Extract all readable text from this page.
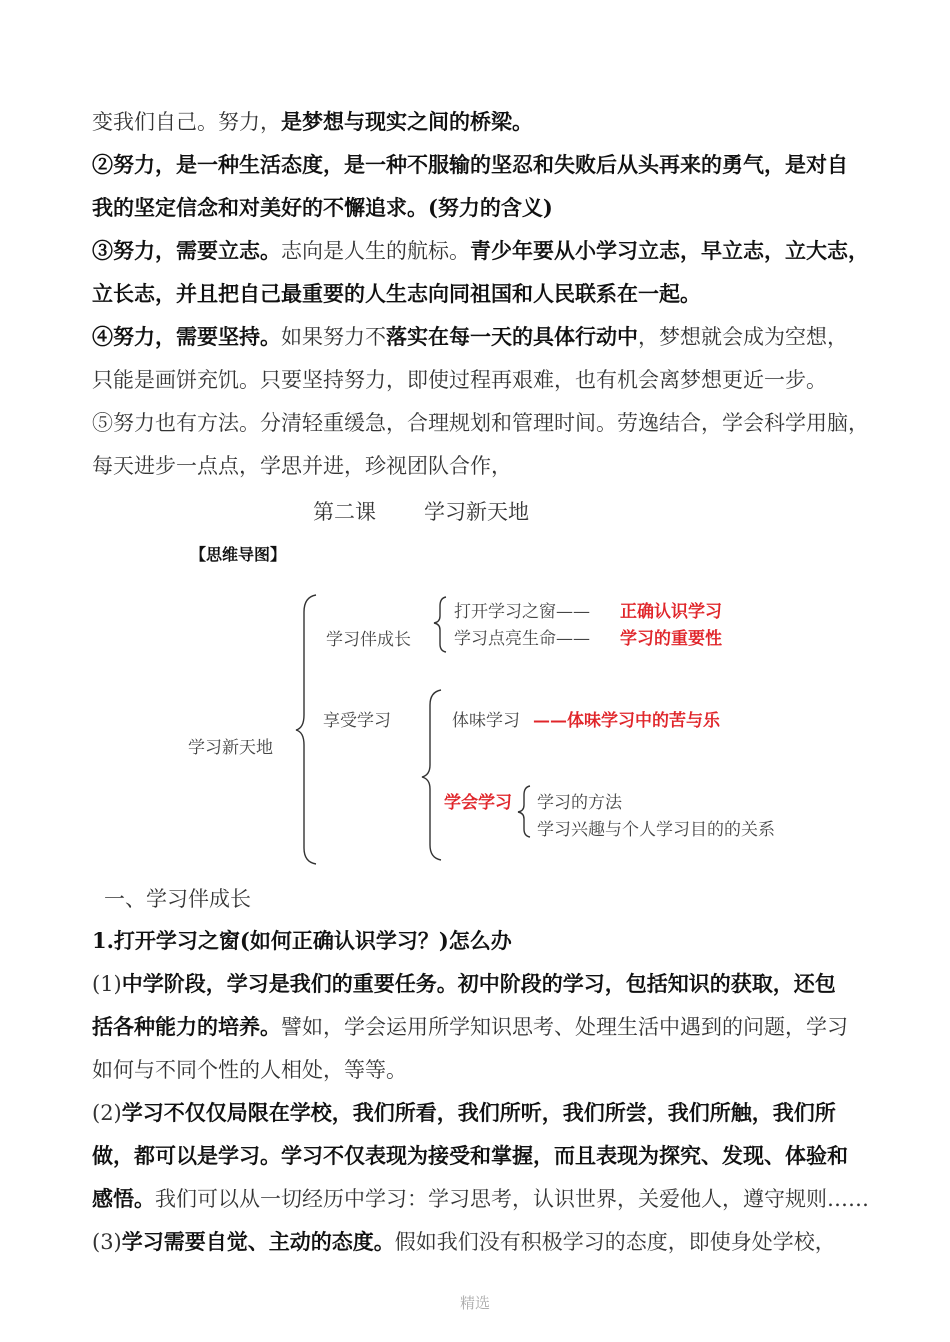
变我们自己。努力，是梦想与现实之间的桥梁。
②努力，是一种生活态度，是一种不服输的坚忍和失败后从头再来的勇气，是对自
我的坚定信念和对美好的不懈追求。(努力的含义)
③努力，需要立志。志向是人生的航标。青少年要从小学习立志，早立志，立大志，
立长志，并且把自己最重要的人生志向同祖国和人民联系在一起。
④努力，需要坚持。如果努力不落实在每一天的具体行动中，梦想就会成为空想，
只能是画饼充饥。只要坚持努力，即使过程再艰难，也有机会离梦想更近一步。
⑤努力也有方法。分清轻重缓急，合理规划和管理时间。劳逸结合，学会科学用脑，
每天进步一点点，学思并进，珍视团队合作，
第二课 学习新天地
【思维导图】
学习新天地
学习伴成长
打开学习之窗—— 正确认识学习
学习点亮生命—— 学习的重要性
享受学习	体味学习 ——体味学习中的苦与乐
学会学习 学习的方法
学习兴趣与个人学习目的的关系
一、学习伴成长
1.打开学习之窗(如何正确认识学习？)怎么办
(1)中学阶段，学习是我们的重要任务。初中阶段的学习，包括知识的获取，还包
括各种能力的培养。譬如，学会运用所学知识思考、处理生活中遇到的问题，学习
如何与不同个性的人相处，等等。
(2)学习不仅仅局限在学校，我们所看，我们所听，我们所尝，我们所触，我们所
做，都可以是学习。学习不仅表现为接受和掌握，而且表现为探究、发现、体验和
感悟。我们可以从一切经历中学习：学习思考，认识世界，关爱他人，遵守规则……
(3)学习需要自觉、主动的态度。假如我们没有积极学习的态度，即使身处学校，
精选
